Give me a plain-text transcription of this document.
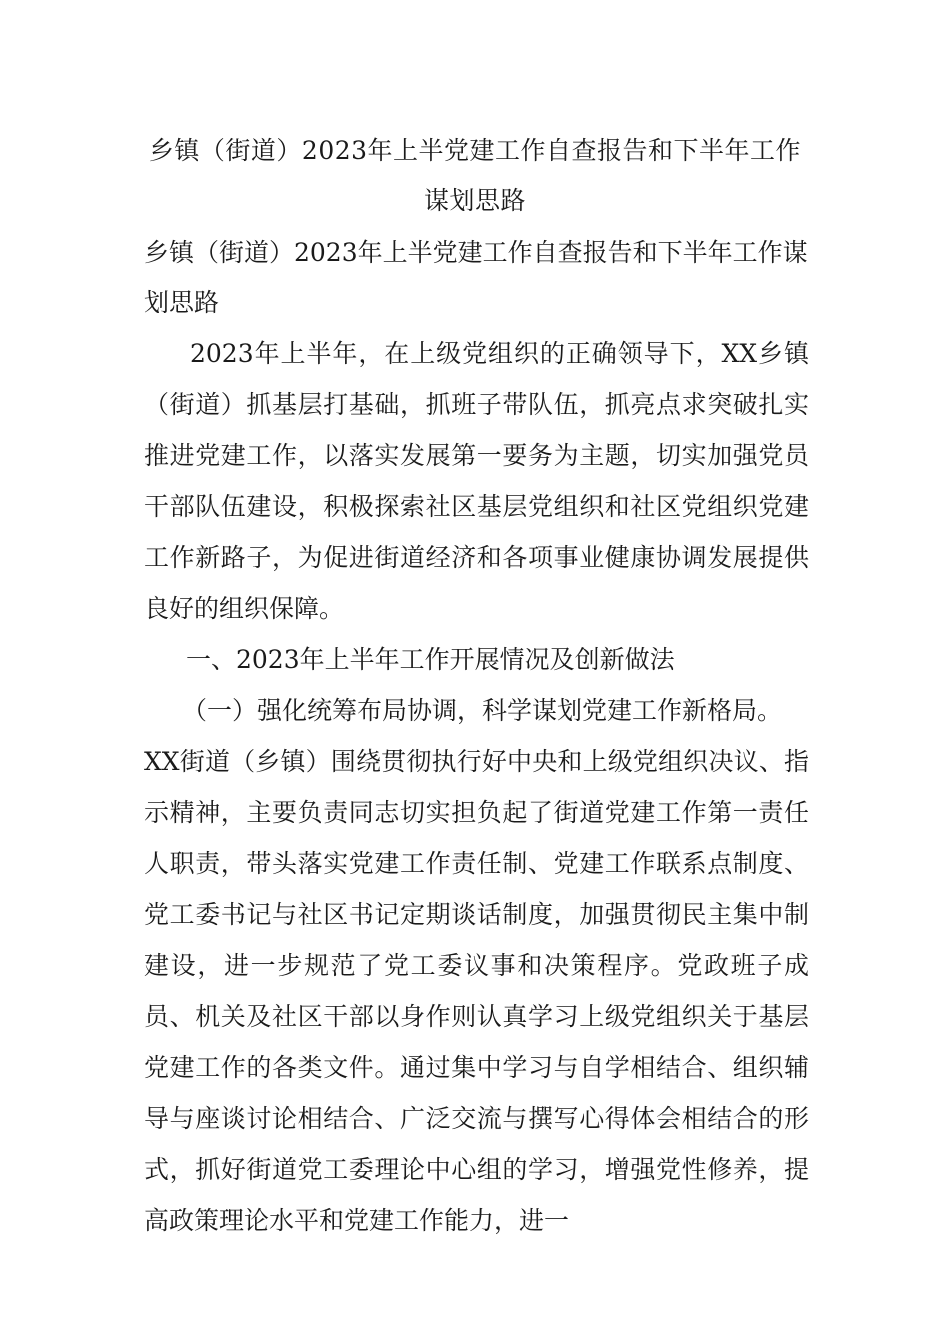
乡镇（街道）2023年上半党建工作自查报告和下半年工作谋划思路
乡镇（街道）2023年上半党建工作自查报告和下半年工作谋划思路

2023年上半年，在上级党组织的正确领导下，XX乡镇（街道）抓基层打基础，抓班子带队伍，抓亮点求突破扎实推进党建工作，以落实发展第一要务为主题，切实加强党员干部队伍建设，积极探索社区基层党组织和社区党组织党建工作新路子，为促进街道经济和各项事业健康协调发展提供良好的组织保障。

一、2023年上半年工作开展情况及创新做法

（一）强化统筹布局协调，科学谋划党建工作新格局。

XX街道（乡镇）围绕贯彻执行好中央和上级党组织决议、指示精神，主要负责同志切实担负起了街道党建工作第一责任人职责，带头落实党建工作责任制、党建工作联系点制度、党工委书记与社区书记定期谈话制度，加强贯彻民主集中制建设，进一步规范了党工委议事和决策程序。党政班子成员、机关及社区干部以身作则认真学习上级党组织关于基层党建工作的各类文件。通过集中学习与自学相结合、组织辅导与座谈讨论相结合、广泛交流与撰写心得体会相结合的形式，抓好街道党工委理论中心组的学习，增强党性修养，提高政策理论水平和党建工作能力，进一
